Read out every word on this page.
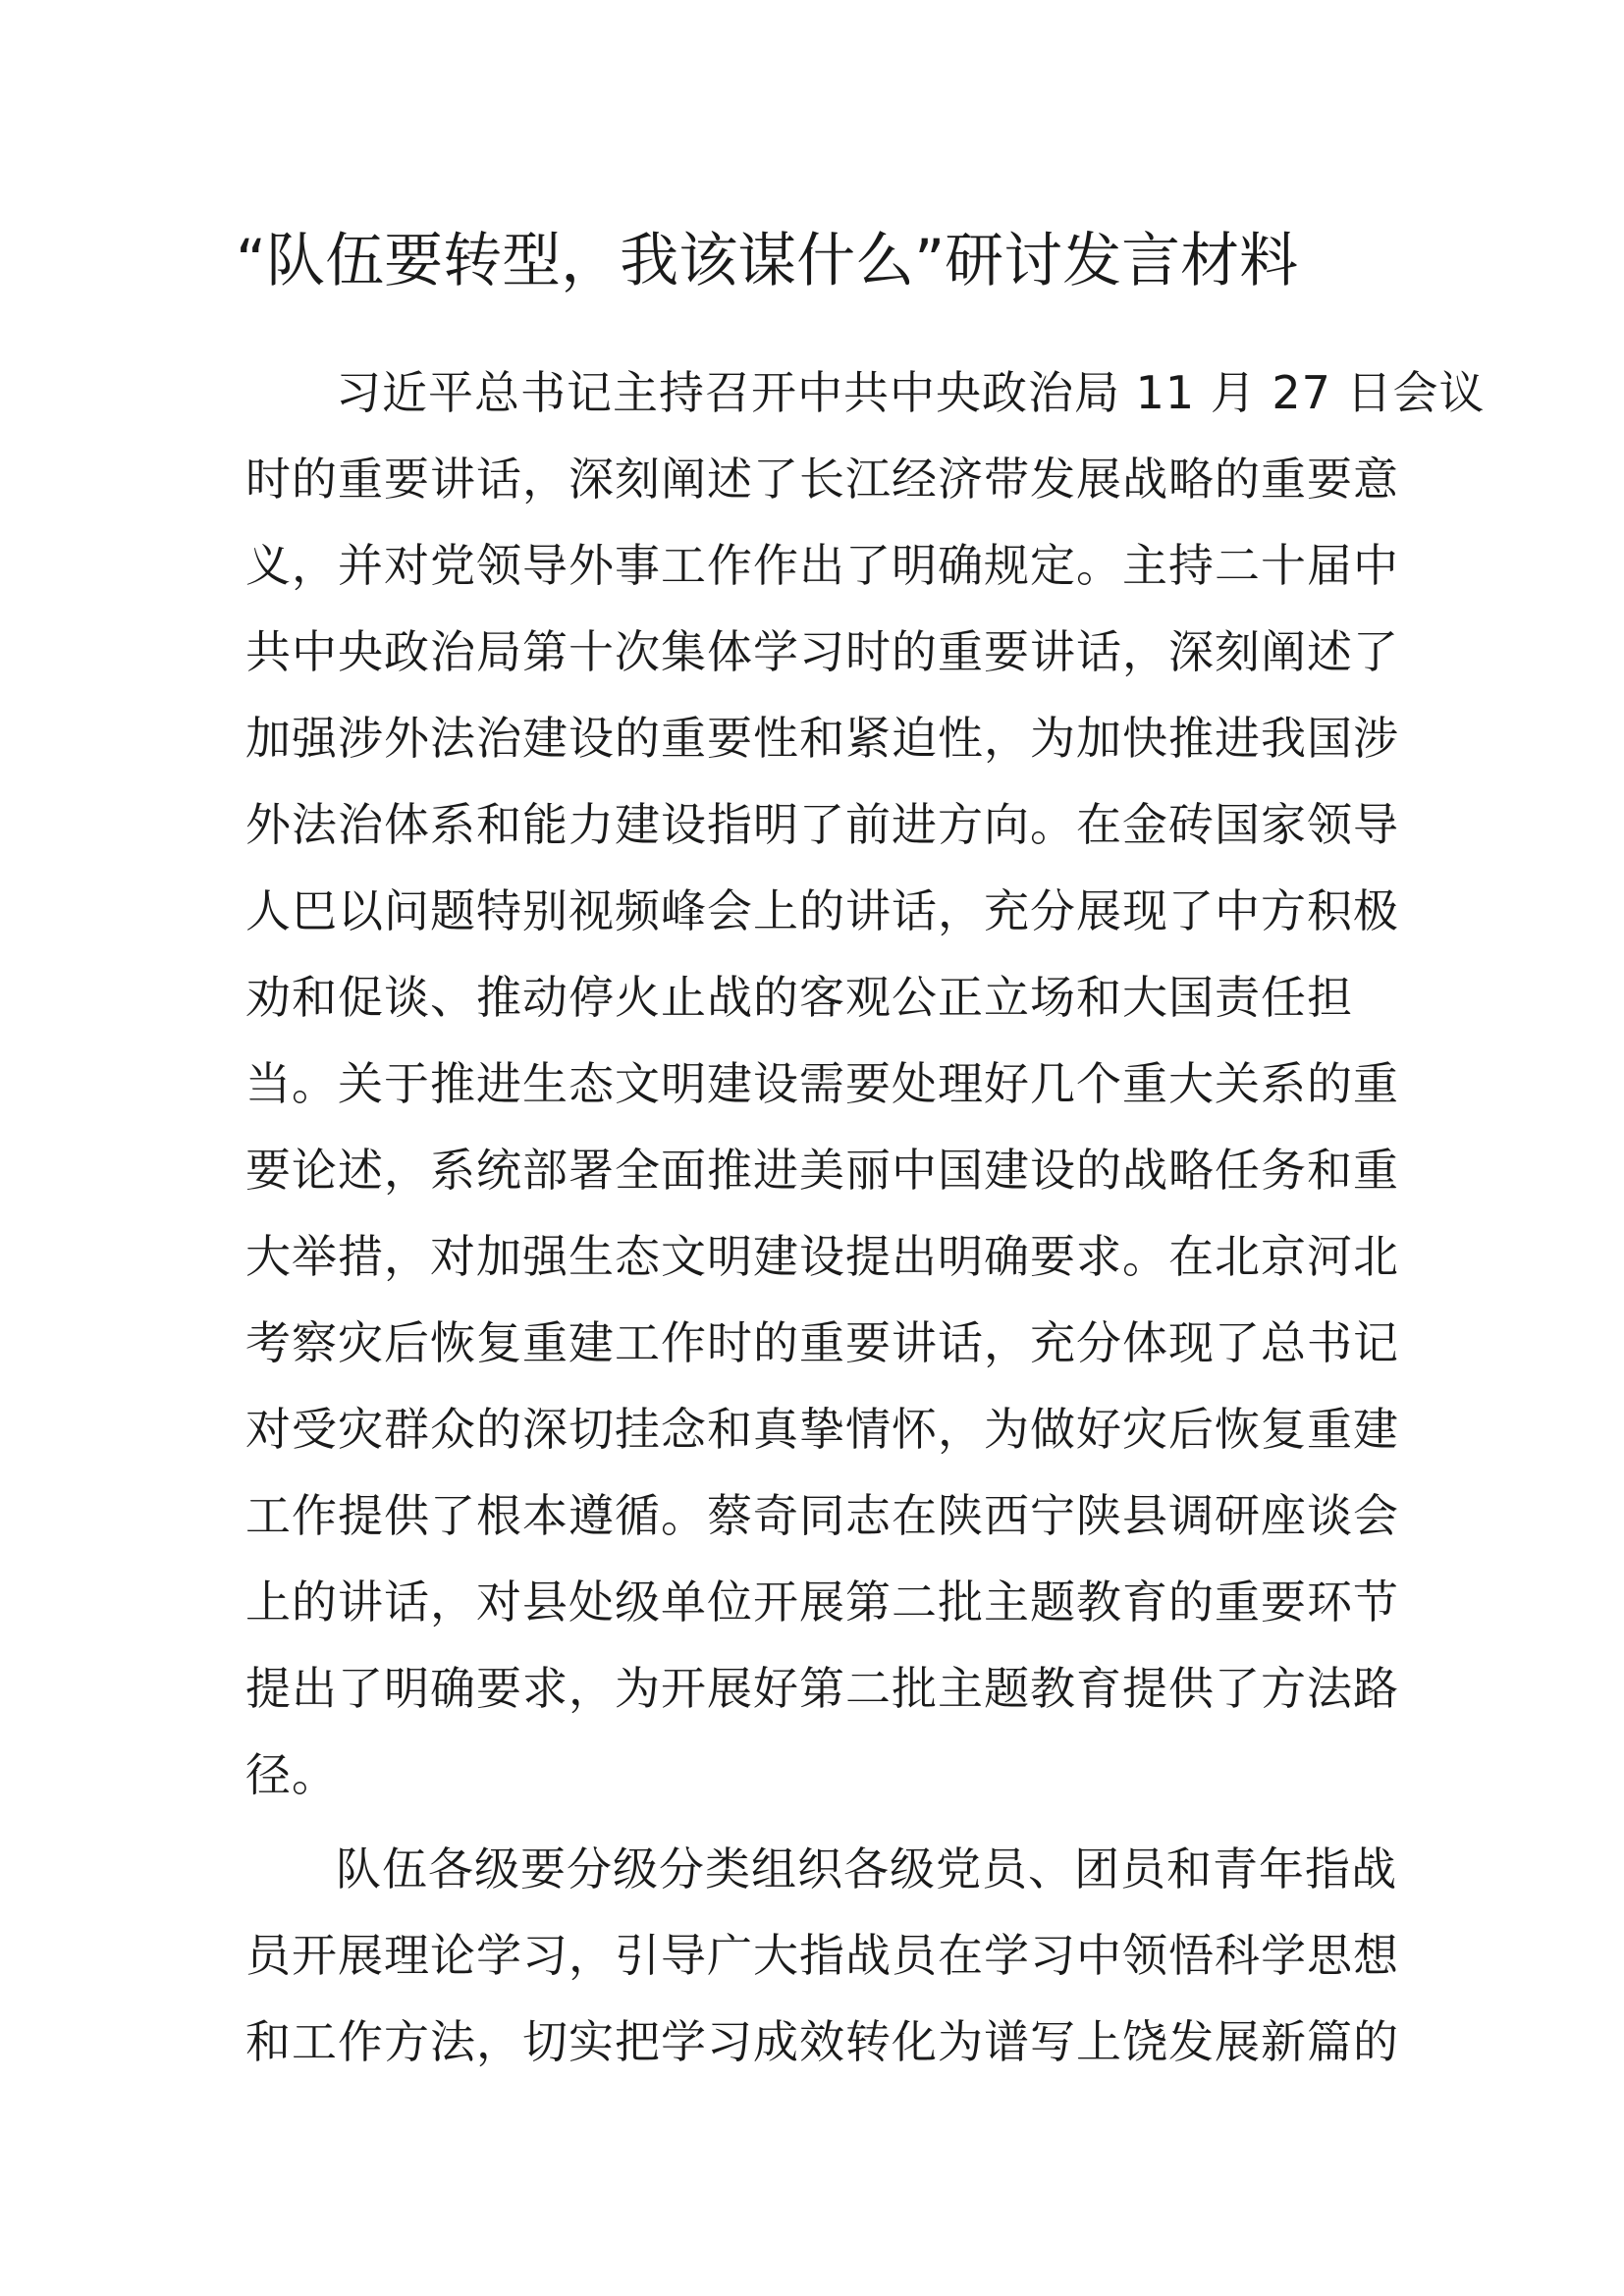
“队伍要转型，我该谋什么”研讨发言材料
习近平总书记主持召开中共中央政治局 11 月 27 日会议
时的重要讲话，深刻阐述了长江经济带发展战略的重要意
义，并对党领导外事工作作出了明确规定。主持二十届中
共中央政治局第十次集体学习时的重要讲话，深刻阐述了
加强涉外法治建设的重要性和紧迫性，为加快推进我国涉
外法治体系和能力建设指明了前进方向。在金砖国家领导
人巴以问题特别视频峰会上的讲话，充分展现了中方积极
劝和促谈、推动停火止战的客观公正立场和大国责任担
当。关于推进生态文明建设需要处理好几个重大关系的重
要论述，系统部署全面推进美丽中国建设的战略任务和重
大举措，对加强生态文明建设提出明确要求。在北京河北
考察灾后恢复重建工作时的重要讲话，充分体现了总书记
对受灾群众的深切挂念和真挚情怀，为做好灾后恢复重建
工作提供了根本遵循。蔡奇同志在陕西宁陕县调研座谈会
上的讲话，对县处级单位开展第二批主题教育的重要环节
提出了明确要求，为开展好第二批主题教育提供了方法路
径。
队伍各级要分级分类组织各级党员、团员和青年指战
员开展理论学习，引导广大指战员在学习中领悟科学思想
和工作方法，切实把学习成效转化为谱写上饶发展新篇的
